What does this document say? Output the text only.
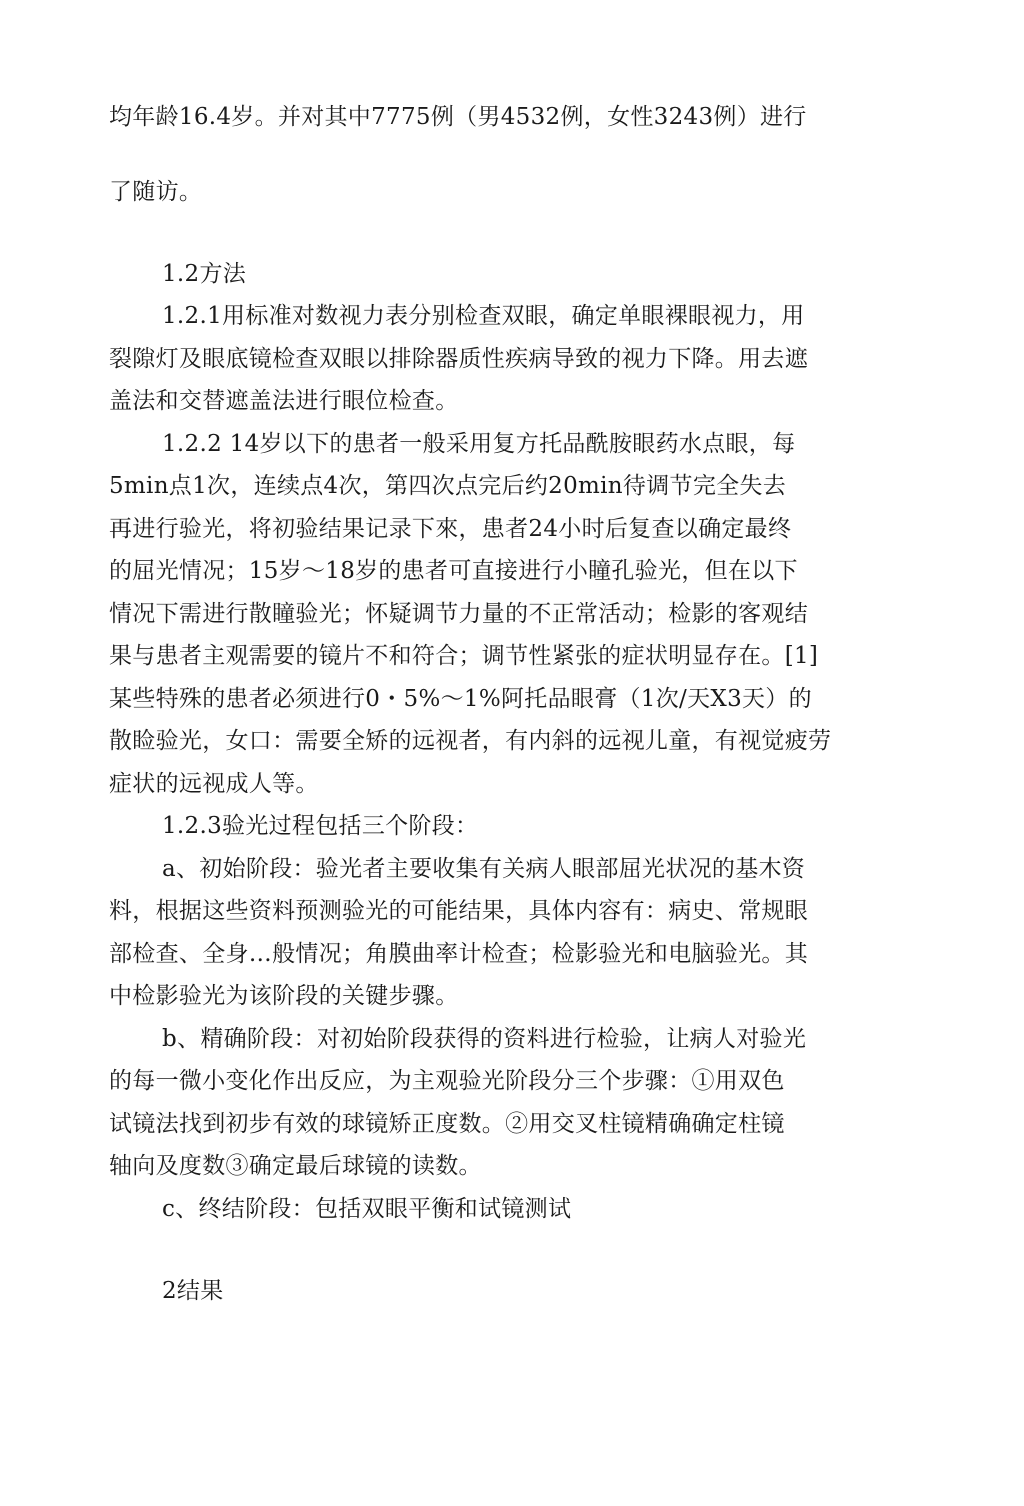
均年龄16.4岁。并对其中7775例（男4532例，女性3243例）进行
了随访。
1.2方法
1.2.1用标准对数视力表分别检查双眼，确定单眼裸眼视力，用
裂隙灯及眼底镜检查双眼以排除器质性疾病导致的视力下降。用去遮
盖法和交替遮盖法进行眼位检查。
1.2.2 14岁以下的患者一般采用复方托品酰胺眼药水点眼，每
5min点1次，连续点4次，第四次点完后约20min待调节完全失去
再进行验光，将初验结果记录下來，患者24小时后复查以确定最终
的屈光情况；15岁～18岁的患者可直接进行小瞳孔验光，但在以下
情况下需进行散瞳验光；怀疑调节力量的不正常活动；检影的客观结
果与患者主观需要的镜片不和符合；调节性紧张的症状明显存在。[1]
某些特殊的患者必须进行0・5%～1%阿托品眼膏（1次/天X3天）的
散睑验光，女口：需要全矫的远视者，有内斜的远视儿童，有视觉疲劳
症状的远视成人等。
1.2.3验光过程包括三个阶段：
a、初始阶段：验光者主要收集有关病人眼部屈光状况的基木资
料，根据这些资料预测验光的可能结果，具体内容有：病史、常规眼
部检查、全身…般情况；角膜曲率计检查；检影验光和电脑验光。其
中检影验光为该阶段的关键步骤。
b、精确阶段：对初始阶段获得的资料进行检验，让病人对验光
的每一微小变化作出反应，为主观验光阶段分三个步骤：①用双色
试镜法找到初步有效的球镜矫正度数。②用交叉柱镜精确确定柱镜
轴向及度数③确定最后球镜的读数。
c、终结阶段：包括双眼平衡和试镜测试
2结果
